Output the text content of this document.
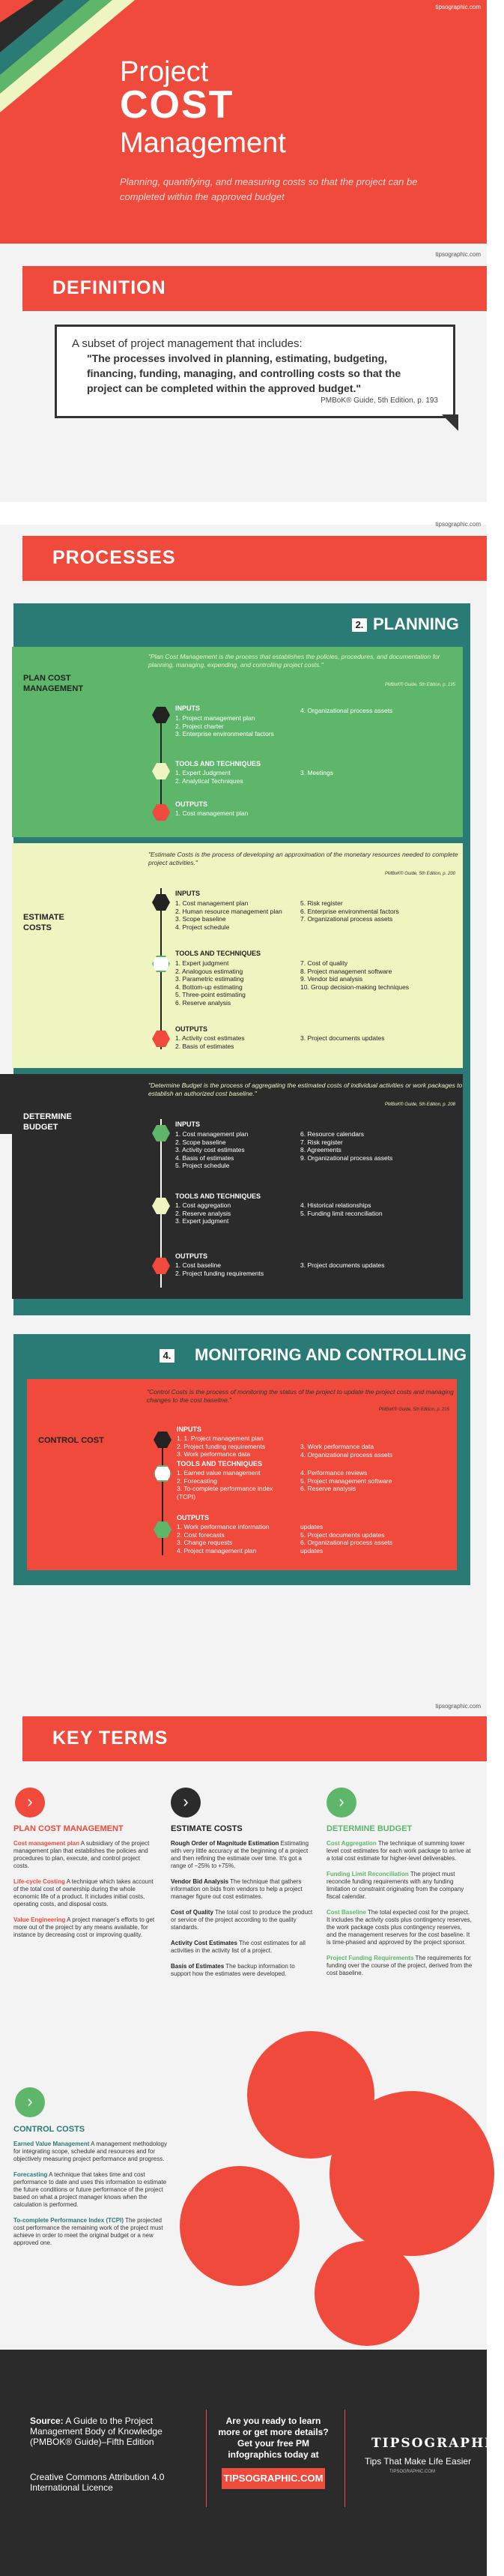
tipsographic.com
Project
COST
Management
Planning, quantifying, and measuring costs so that the project can be completed within the approved budget
tipsographic.com
DEFINITION
A subset of project management that includes:
"The processes involved in planning, estimating, budgeting, financing, funding, managing, and controlling costs so that the project can be completed within the approved budget."
PMBoK® Guide, 5th Edition, p. 193
tipsographic.com
PROCESSES
2. PLANNING
PLAN COST MANAGEMENT
"Plan Cost Management is the process that establishes the policies, procedures, and documentation for planning, managing, expending, and controlling project costs."
PMBoK® Guide, 5th Edition, p. 195
INPUTS
1. Project management plan
2. Project charter
3. Enterprise environmental factors
4. Organizational process assets
TOOLS AND TECHNIQUES
1. Expert Judgment
2. Analytical Techniques
3. Meetings
OUTPUTS
1. Cost management plan
ESTIMATE COSTS
"Estimate Costs is the process of developing an approximation of the monetary resources needed to complete project activities."
PMBoK® Guide, 5th Edition, p. 200
INPUTS
1. Cost management plan
2. Human resource management plan
3. Scope baseline
4. Project schedule
5. Risk register
6. Enterprise environmental factors
7. Organizational process assets
TOOLS AND TECHNIQUES
1. Expert judgment
2. Analogous estimating
3. Parametric estimating
4. Bottom-up estimating
5. Three-point estimating
6. Reserve analysis
7. Cost of quality
8. Project management software
9. Vendor bid analysis
10. Group decision-making techniques
OUTPUTS
1. Activity cost estimates
2. Basis of estimates
3. Project documents updates
DETERMINE BUDGET
"Determine Budget is the process of aggregating the estimated costs of individual activities or work packages to establish an authorized cost baseline."
PMBoK® Guide, 5th Edition, p. 208
INPUTS
1. Cost management plan
2. Scope baseline
3. Activity cost estimates
4. Basis of estimates
5. Project schedule
6. Resource calendars
7. Risk register
8. Agreements
9. Organizational process assets
TOOLS AND TECHNIQUES
1. Cost aggregation
2. Reserve analysis
3. Expert judgment
4. Historical relationships
5. Funding limit reconciliation
OUTPUTS
1. Cost baseline
2. Project funding requirements
3. Project documents updates
4. MONITORING AND CONTROLLING
CONTROL COST
"Control Costs is the process of monitoring the status of the project to update the project costs and managing changes to the cost baseline."
PMBoK® Guide, 5th Edition, p. 215
INPUTS
1. 1. Project management plan
2. Project funding requirements
3. Work performance data
3. Work performance data
4. Organizational process assets
TOOLS AND TECHNIQUES
1. Earned value management
2. Forecasting
3. To-complete performance index (TCPI)
4. Performance reviews
5. Project management software
6. Reserve analysis
OUTPUTS
1. Work performance information
2. Cost forecasts
3. Change requests
4. Project management plan
updates
5. Project documents updates
6. Organizational process assets updates
tipsographic.com
KEY TERMS
›	›	›
PLAN COST MANAGEMENT
Cost management plan A subsidiary of the project management plan that establishes the policies and procedures to plan, execute, and control project costs.
Life-cycle Costing A technique which takes account of the total cost of ownership during the whole economic life of a product. It includes initial costs, operating costs, and disposal costs.
Value Engineering A project manager's efforts to get more out of the project by any means available, for instance by decreasing cost or improving quality.
ESTIMATE COSTS
Rough Order of Magnitude Estimation Estimating with very little accuracy at the beginning of a project and then refining the estimate over time. It's got a range of −25% to +75%.
Vendor Bid Analysis The technique that gathers information on bids from vendors to help a project manager figure out cost estimates.
Cost of Quality The total cost to produce the product or service of the project according to the quality standards.
Activity Cost Estimates The cost estimates for all activities in the activity list of a project.
Basis of Estimates The backup information to support how the estimates were developed.
DETERMINE BUDGET
Cost Aggregation The technique of summing lower level cost estimates for each work package to arrive at a total cost estimate for higher-level deliverables.
Funding Limit Reconciliation The project must reconcile funding requirements with any funding limitation or constraint originating from the company fiscal calendar.
Cost Baseline The total expected cost for the project. It includes the activity costs plus contingency reserves, the work package costs plus contingency reserves, and the management reserves for the cost baseline. It is time-phased and approved by the project sponsor.
Project Funding Requirements The requirements for funding over the course of the project, derived from the cost baseline.
›
CONTROL COSTS
Earned Value Management A management methodology for integrating scope, schedule and resources and for objectively measuring project performance and progress.
Forecasting A technique that takes time and cost performance to date and uses this information to estimate the future conditions or future performance of the project based on what a project manager knows when the calculation is performed.
To-complete Performance Index (TCPI) The projected cost performance the remaining work of the project must achieve in order to meet the original budget or a new approved one.
Source: A Guide to the Project Management Body of Knowledge (PMBOK® Guide)–Fifth Edition
Creative Commons Attribution 4.0 International Licence
Are you ready to learn more or get more details? Get your free PM infographics today at
TIPSOGRAPHIC.COM
TIPSOGRAPHIC
Tips That Make Life Easier
TIPSOGRAPHIC.COM
